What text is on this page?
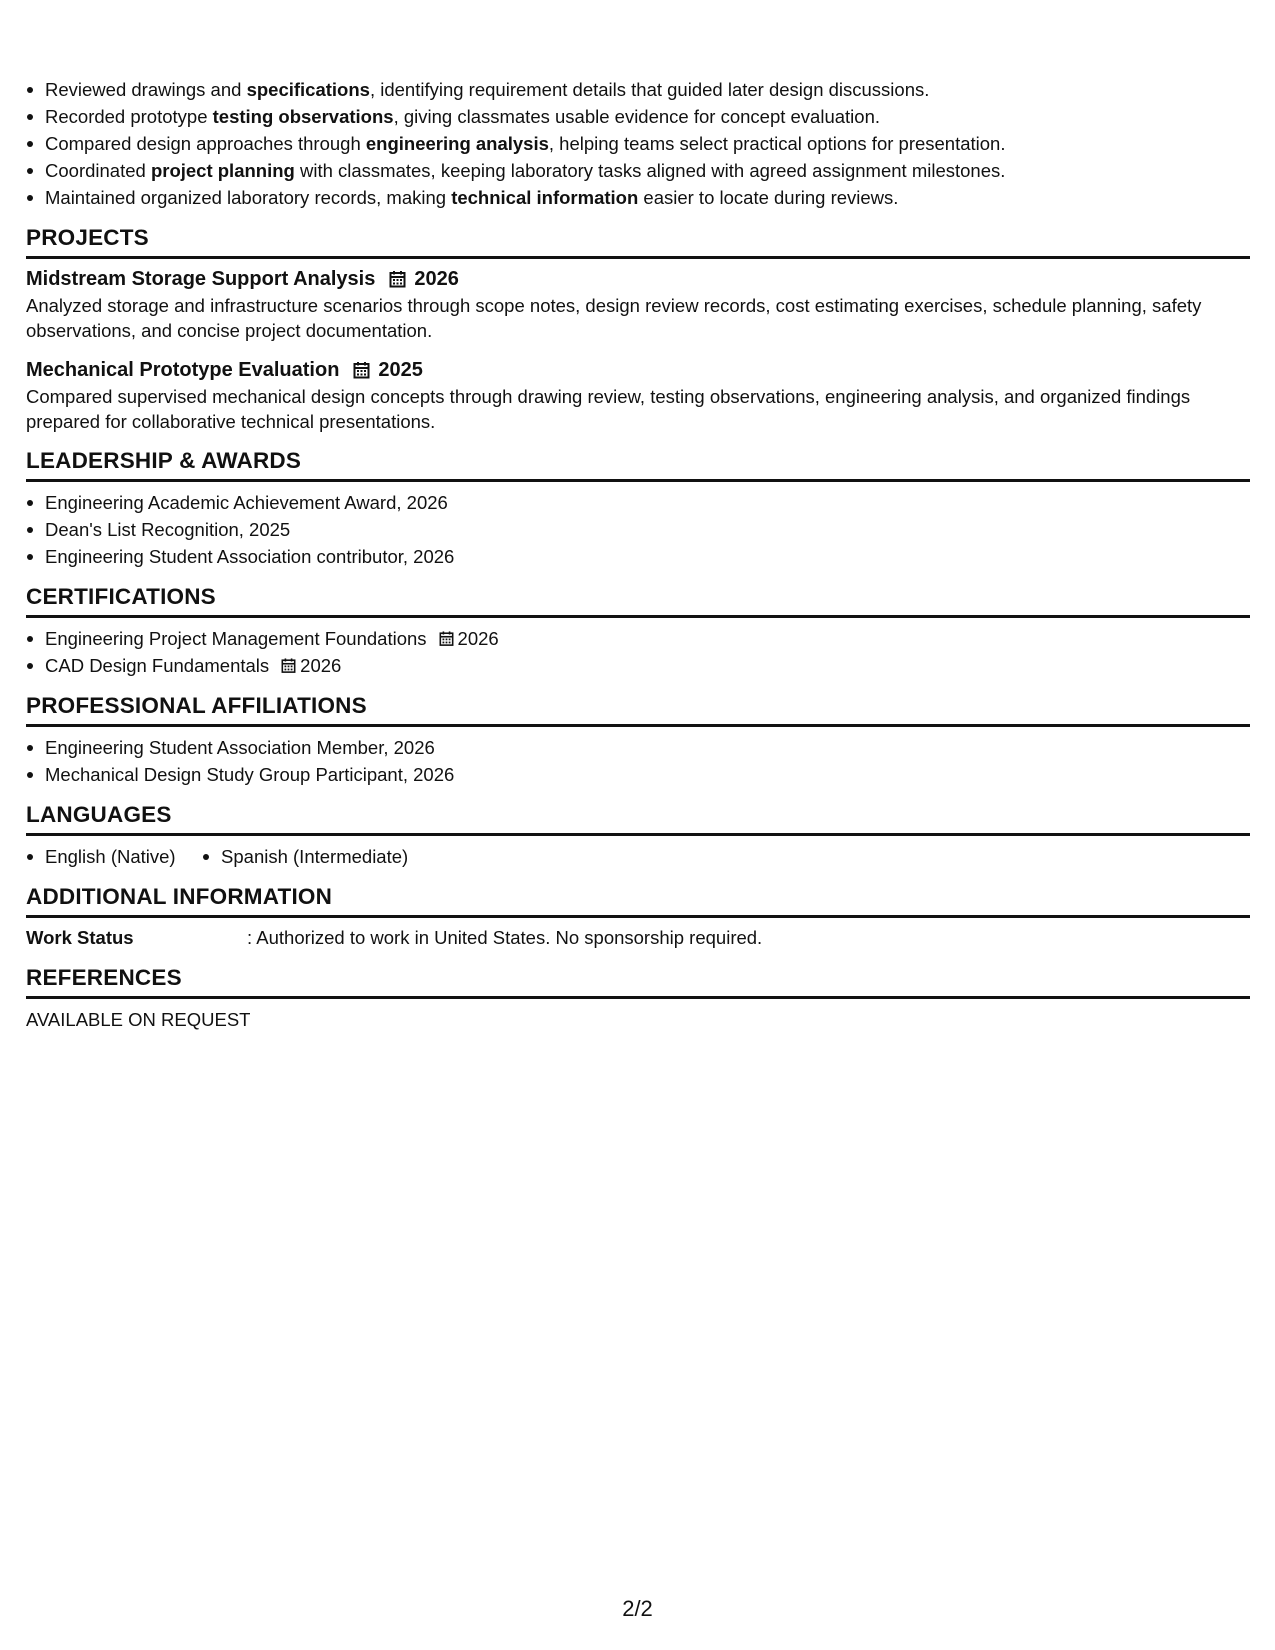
Reviewed drawings and specifications, identifying requirement details that guided later design discussions.
Recorded prototype testing observations, giving classmates usable evidence for concept evaluation.
Compared design approaches through engineering analysis, helping teams select practical options for presentation.
Coordinated project planning with classmates, keeping laboratory tasks aligned with agreed assignment milestones.
Maintained organized laboratory records, making technical information easier to locate during reviews.
PROJECTS
Midstream Storage Support Analysis 2026
Analyzed storage and infrastructure scenarios through scope notes, design review records, cost estimating exercises, schedule planning, safety observations, and concise project documentation.
Mechanical Prototype Evaluation 2025
Compared supervised mechanical design concepts through drawing review, testing observations, engineering analysis, and organized findings prepared for collaborative technical presentations.
LEADERSHIP & AWARDS
Engineering Academic Achievement Award, 2026
Dean's List Recognition, 2025
Engineering Student Association contributor, 2026
CERTIFICATIONS
Engineering Project Management Foundations 2026
CAD Design Fundamentals 2026
PROFESSIONAL AFFILIATIONS
Engineering Student Association Member, 2026
Mechanical Design Study Group Participant, 2026
LANGUAGES
English (Native) Spanish (Intermediate)
ADDITIONAL INFORMATION
Work Status	: Authorized to work in United States. No sponsorship required.
REFERENCES
AVAILABLE ON REQUEST
2/2
